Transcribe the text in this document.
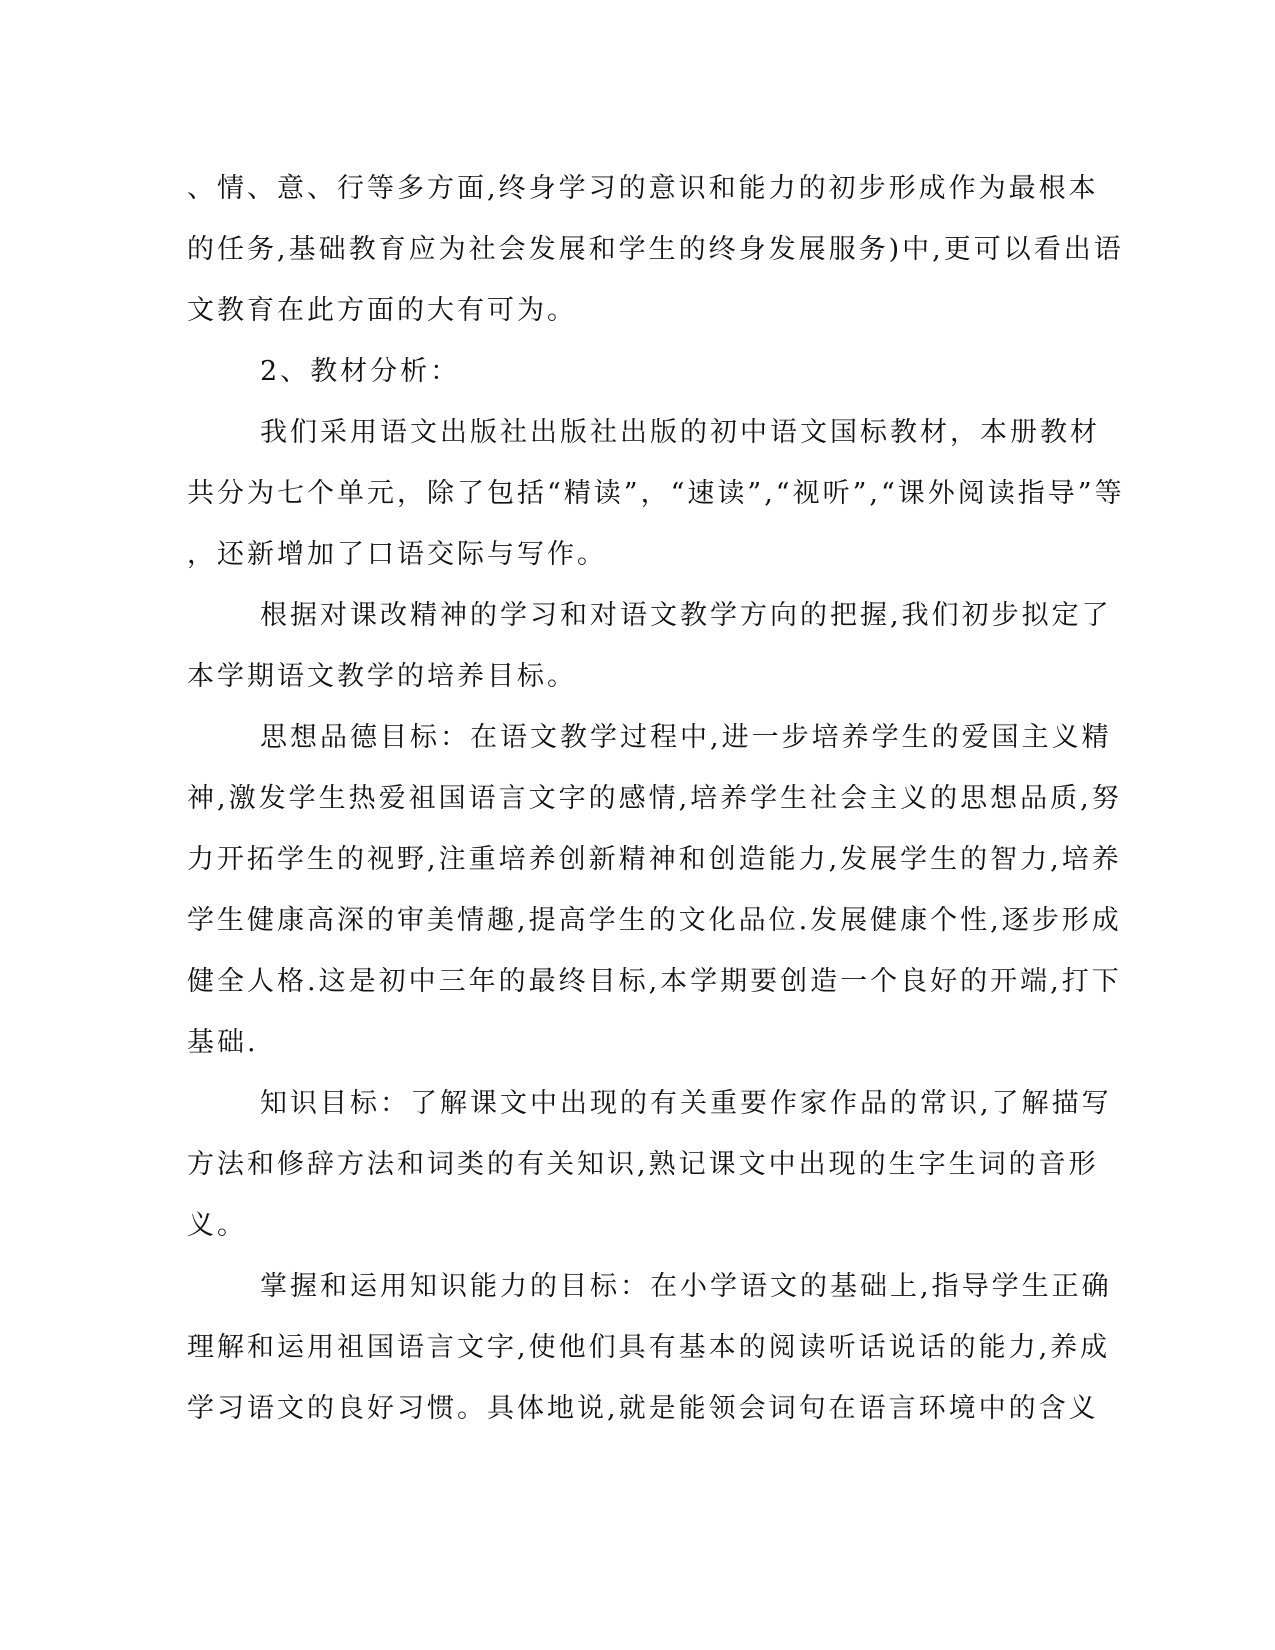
、情、意、行等多方面,终身学习的意识和能力的初步形成作为最根本
的任务,基础教育应为社会发展和学生的终身发展服务)中,更可以看出语
文教育在此方面的大有可为。

2、教材分析：

我们采用语文出版社出版社出版的初中语文国标教材，本册教材
共分为七个单元，除了包括“精读”，“速读”,“视听”,“课外阅读指导”等
，还新增加了口语交际与写作。

根据对课改精神的学习和对语文教学方向的把握,我们初步拟定了
本学期语文教学的培养目标。

思想品德目标：在语文教学过程中,进一步培养学生的爱国主义精
神,激发学生热爱祖国语言文字的感情,培养学生社会主义的思想品质,努
力开拓学生的视野,注重培养创新精神和创造能力,发展学生的智力,培养
学生健康高深的审美情趣,提高学生的文化品位.发展健康个性,逐步形成
健全人格.这是初中三年的最终目标,本学期要创造一个良好的开端,打下
基础.

知识目标：了解课文中出现的有关重要作家作品的常识,了解描写
方法和修辞方法和词类的有关知识,熟记课文中出现的生字生词的音形
义。

掌握和运用知识能力的目标：在小学语文的基础上,指导学生正确
理解和运用祖国语言文字,使他们具有基本的阅读听话说话的能力,养成
学习语文的良好习惯。具体地说,就是能领会词句在语言环境中的含义
